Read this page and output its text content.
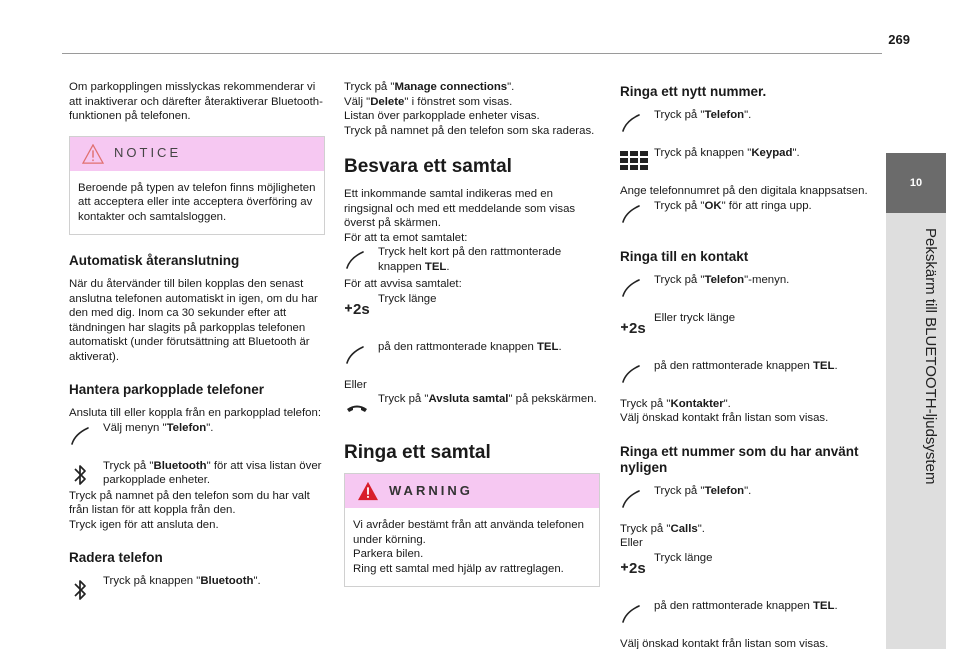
269
10
Pekskärm till BLUETOOTH-ljudsystem

Om parkopplingen misslyckas rekommenderar vi att inaktiverar och därefter återaktiverar Bluetooth-funktionen på telefonen.

NOTICE
Beroende på typen av telefon finns möjligheten att acceptera eller inte acceptera överföring av kontakter och samtalsloggen.
Automatisk återanslutning

När du återvänder till bilen kopplas den senast anslutna telefonen automatiskt in igen, om du har den med dig. Inom ca 30 sekunder efter att tändningen har slagits på parkopplas telefonen automatiskt (under förutsättning att Bluetooth är aktiverat).

Hantera parkopplade telefoner

Ansluta till eller koppla från en parkopplad telefon:

Välj menyn "Telefon".
Tryck på "Bluetooth" för att visa listan över parkopplade enheter.

Tryck på namnet på den telefon som du har valt från listan för att koppla från den.

Tryck igen för att ansluta den.

Radera telefon
Tryck på knappen "Bluetooth".

Tryck på "Manage connections".

Välj "Delete" i fönstret som visas.

Listan över parkopplade enheter visas.

Tryck på namnet på den telefon som ska raderas.

Besvara ett samtal

Ett inkommande samtal indikeras med en ringsignal och med ett meddelande som visas överst på skärmen.

För att ta emot samtalet:

Tryck helt kort på den rattmonterade knappen TEL.

För att avvisa samtalet:

2s
Tryck länge
på den rattmonterade knappen TEL.

Eller

Tryck på "Avsluta samtal" på pekskärmen.
Ringa ett samtal
WARNING

Vi avråder bestämt från att använda telefonen under körning.

Parkera bilen.

Ring ett samtal med hjälp av rattreglagen.

Ringa ett nytt nummer.
Tryck på "Telefon".
Tryck på knappen "Keypad".

Ange telefonnumret på den digitala knappsatsen.

Tryck på "OK" för att ringa upp.
Ringa till en kontakt
Tryck på "Telefon"-menyn.
2s
Eller tryck länge
på den rattmonterade knappen TEL.

Tryck på "Kontakter".

Välj önskad kontakt från listan som visas.

Ringa ett nummer som du har använt nyligen
Tryck på "Telefon".

Tryck på "Calls".

Eller

2s
Tryck länge
på den rattmonterade knappen TEL.

Välj önskad kontakt från listan som visas.
